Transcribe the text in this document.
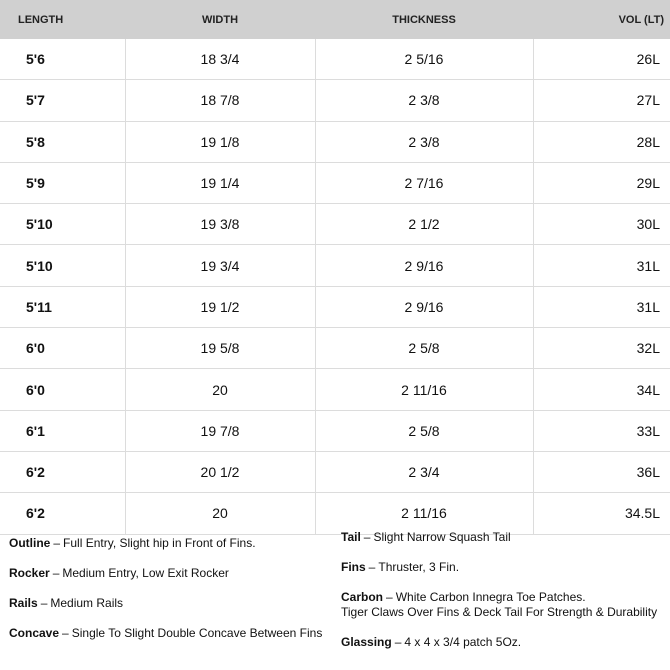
LENGTH	WIDTH	THICKNESS	VOL (LT)
5'6	18 3/4	2 5/16	26L
5'7	18 7/8	2 3/8	27L
5'8	19 1/8	2 3/8	28L
5'9	19 1/4	2 7/16	29L
5'10	19 3/8	2 1/2	30L
5'10	19 3/4	2 9/16	31L
5'11	19 1/2	2 9/16	31L
6'0	19 5/8	2 5/8	32L
6'0	20	2 11/16	34L
6'1	19 7/8	2 5/8	33L
6'2	20 1/2	2 3/4	36L
6'2	20	2 11/16	34.5L
Outline – Full Entry, Slight hip in Front of Fins.
Rocker – Medium Entry, Low Exit Rocker
Rails – Medium Rails
Concave – Single To Slight Double Concave Between Fins
Tail – Slight Narrow Squash Tail
Fins – Thruster, 3 Fin.
Carbon – White Carbon Innegra Toe Patches.
Tiger Claws Over Fins & Deck Tail For Strength & Durability
Glassing – 4 x 4 x 3/4 patch 5Oz.
